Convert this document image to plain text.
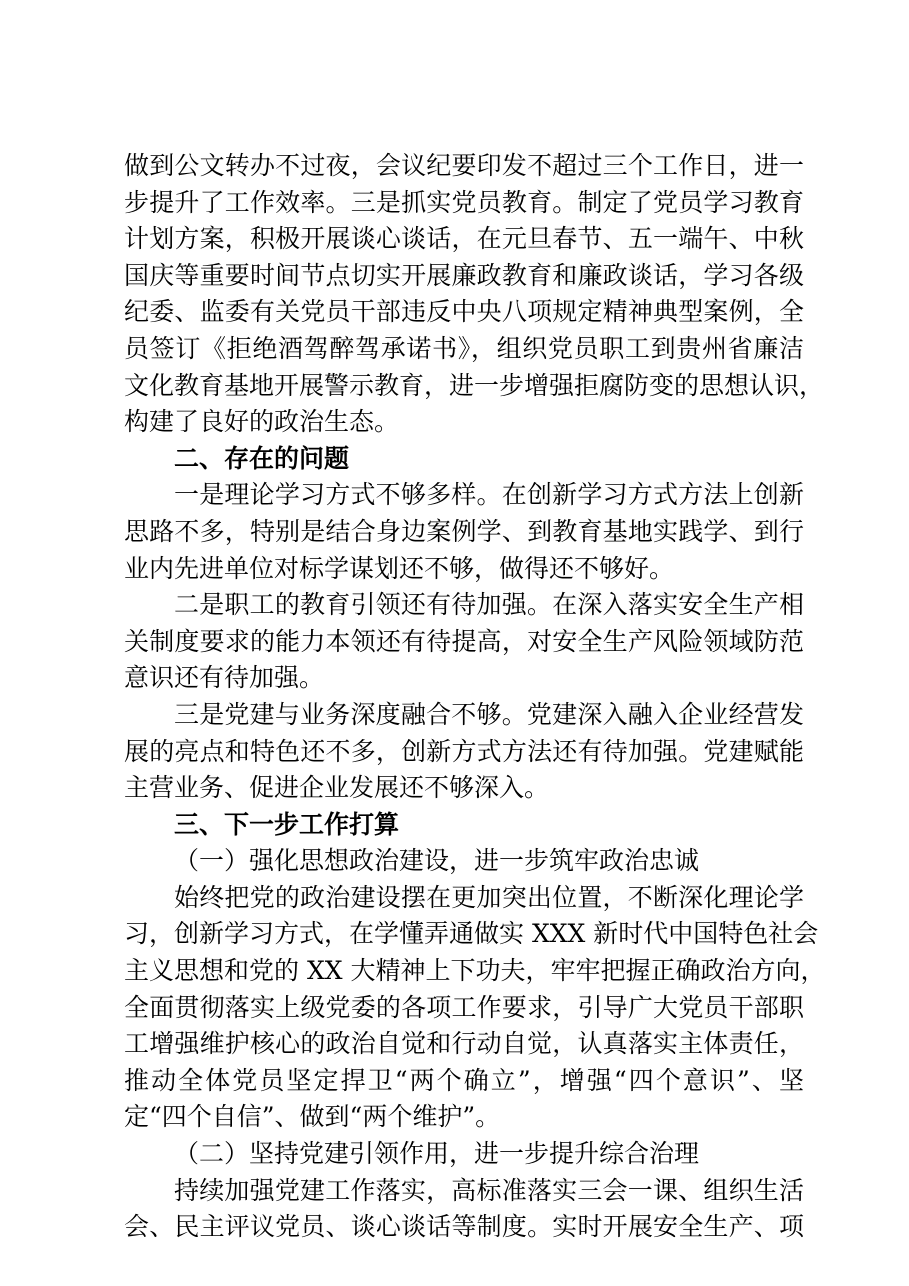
做到公文转办不过夜，会议纪要印发不超过三个工作日，进一
步提升了工作效率。三是抓实党员教育。制定了党员学习教育
计划方案，积极开展谈心谈话，在元旦春节、五一端午、中秋
国庆等重要时间节点切实开展廉政教育和廉政谈话，学习各级
纪委、监委有关党员干部违反中央八项规定精神典型案例，全
员签订《拒绝酒驾醉驾承诺书》，组织党员职工到贵州省廉洁
文化教育基地开展警示教育，进一步增强拒腐防变的思想认识，
构建了良好的政治生态。
二、存在的问题
一是理论学习方式不够多样。在创新学习方式方法上创新
思路不多，特别是结合身边案例学、到教育基地实践学、到行
业内先进单位对标学谋划还不够，做得还不够好。
二是职工的教育引领还有待加强。在深入落实安全生产相
关制度要求的能力本领还有待提高，对安全生产风险领域防范
意识还有待加强。
三是党建与业务深度融合不够。党建深入融入企业经营发
展的亮点和特色还不多，创新方式方法还有待加强。党建赋能
主营业务、促进企业发展还不够深入。
三、下一步工作打算
（一）强化思想政治建设，进一步筑牢政治忠诚
始终把党的政治建设摆在更加突出位置，不断深化理论学
习，创新学习方式，在学懂弄通做实 XXX 新时代中国特色社会
主义思想和党的 XX 大精神上下功夫，牢牢把握正确政治方向，
全面贯彻落实上级党委的各项工作要求，引导广大党员干部职
工增强维护核心的政治自觉和行动自觉，认真落实主体责任，
推动全体党员坚定捍卫“两个确立”，增强“四个意识”、坚
定“四个自信”、做到“两个维护”。
（二）坚持党建引领作用，进一步提升综合治理
持续加强党建工作落实，高标准落实三会一课、组织生活
会、民主评议党员、谈心谈话等制度。实时开展安全生产、项
